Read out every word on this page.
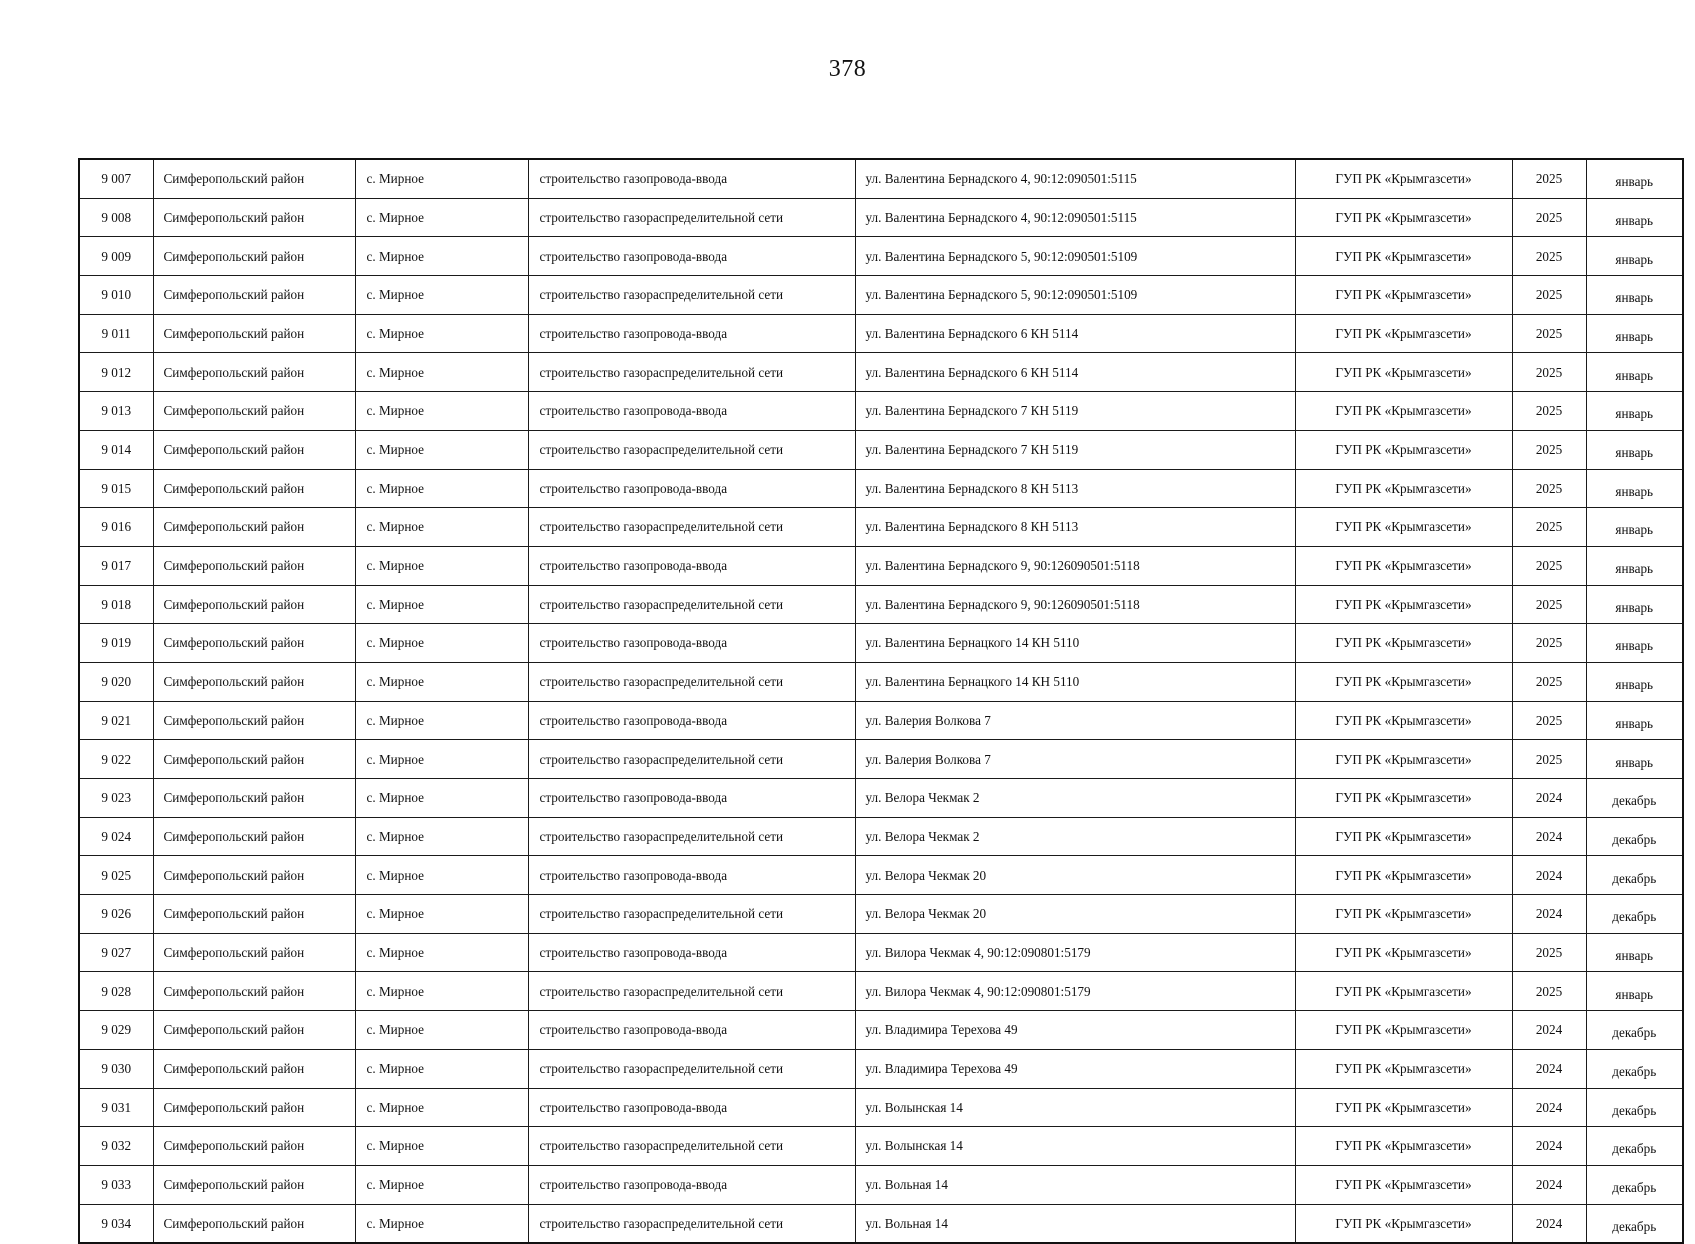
378
9 007	Симферопольский район	с. Мирное	строительство газопровода-ввода	ул. Валентина Бернадского 4, 90:12:090501:5115	ГУП РК «Крымгазсети»	2025	январь
9 008	Симферопольский район	с. Мирное	строительство газораспределительной сети	ул. Валентина Бернадского 4, 90:12:090501:5115	ГУП РК «Крымгазсети»	2025	январь
9 009	Симферопольский район	с. Мирное	строительство газопровода-ввода	ул. Валентина Бернадского 5, 90:12:090501:5109	ГУП РК «Крымгазсети»	2025	январь
9 010	Симферопольский район	с. Мирное	строительство газораспределительной сети	ул. Валентина Бернадского 5, 90:12:090501:5109	ГУП РК «Крымгазсети»	2025	январь
9 011	Симферопольский район	с. Мирное	строительство газопровода-ввода	ул. Валентина Бернадского 6 КН 5114	ГУП РК «Крымгазсети»	2025	январь
9 012	Симферопольский район	с. Мирное	строительство газораспределительной сети	ул. Валентина Бернадского 6 КН 5114	ГУП РК «Крымгазсети»	2025	январь
9 013	Симферопольский район	с. Мирное	строительство газопровода-ввода	ул. Валентина Бернадского 7 КН 5119	ГУП РК «Крымгазсети»	2025	январь
9 014	Симферопольский район	с. Мирное	строительство газораспределительной сети	ул. Валентина Бернадского 7 КН 5119	ГУП РК «Крымгазсети»	2025	январь
9 015	Симферопольский район	с. Мирное	строительство газопровода-ввода	ул. Валентина Бернадского 8 КН 5113	ГУП РК «Крымгазсети»	2025	январь
9 016	Симферопольский район	с. Мирное	строительство газораспределительной сети	ул. Валентина Бернадского 8 КН 5113	ГУП РК «Крымгазсети»	2025	январь
9 017	Симферопольский район	с. Мирное	строительство газопровода-ввода	ул. Валентина Бернадского 9, 90:126090501:5118	ГУП РК «Крымгазсети»	2025	январь
9 018	Симферопольский район	с. Мирное	строительство газораспределительной сети	ул. Валентина Бернадского 9, 90:126090501:5118	ГУП РК «Крымгазсети»	2025	январь
9 019	Симферопольский район	с. Мирное	строительство газопровода-ввода	ул. Валентина Бернацкого 14 КН 5110	ГУП РК «Крымгазсети»	2025	январь
9 020	Симферопольский район	с. Мирное	строительство газораспределительной сети	ул. Валентина Бернацкого 14 КН 5110	ГУП РК «Крымгазсети»	2025	январь
9 021	Симферопольский район	с. Мирное	строительство газопровода-ввода	ул. Валерия Волкова 7	ГУП РК «Крымгазсети»	2025	январь
9 022	Симферопольский район	с. Мирное	строительство газораспределительной сети	ул. Валерия Волкова 7	ГУП РК «Крымгазсети»	2025	январь
9 023	Симферопольский район	с. Мирное	строительство газопровода-ввода	ул. Велора Чекмак 2	ГУП РК «Крымгазсети»	2024	декабрь
9 024	Симферопольский район	с. Мирное	строительство газораспределительной сети	ул. Велора Чекмак 2	ГУП РК «Крымгазсети»	2024	декабрь
9 025	Симферопольский район	с. Мирное	строительство газопровода-ввода	ул. Велора Чекмак 20	ГУП РК «Крымгазсети»	2024	декабрь
9 026	Симферопольский район	с. Мирное	строительство газораспределительной сети	ул. Велора Чекмак 20	ГУП РК «Крымгазсети»	2024	декабрь
9 027	Симферопольский район	с. Мирное	строительство газопровода-ввода	ул. Вилора Чекмак 4, 90:12:090801:5179	ГУП РК «Крымгазсети»	2025	январь
9 028	Симферопольский район	с. Мирное	строительство газораспределительной сети	ул. Вилора Чекмак 4, 90:12:090801:5179	ГУП РК «Крымгазсети»	2025	январь
9 029	Симферопольский район	с. Мирное	строительство газопровода-ввода	ул. Владимира Терехова 49	ГУП РК «Крымгазсети»	2024	декабрь
9 030	Симферопольский район	с. Мирное	строительство газораспределительной сети	ул. Владимира Терехова 49	ГУП РК «Крымгазсети»	2024	декабрь
9 031	Симферопольский район	с. Мирное	строительство газопровода-ввода	ул. Волынская 14	ГУП РК «Крымгазсети»	2024	декабрь
9 032	Симферопольский район	с. Мирное	строительство газораспределительной сети	ул. Волынская 14	ГУП РК «Крымгазсети»	2024	декабрь
9 033	Симферопольский район	с. Мирное	строительство газопровода-ввода	ул. Вольная 14	ГУП РК «Крымгазсети»	2024	декабрь
9 034	Симферопольский район	с. Мирное	строительство газораспределительной сети	ул. Вольная 14	ГУП РК «Крымгазсети»	2024	декабрь
